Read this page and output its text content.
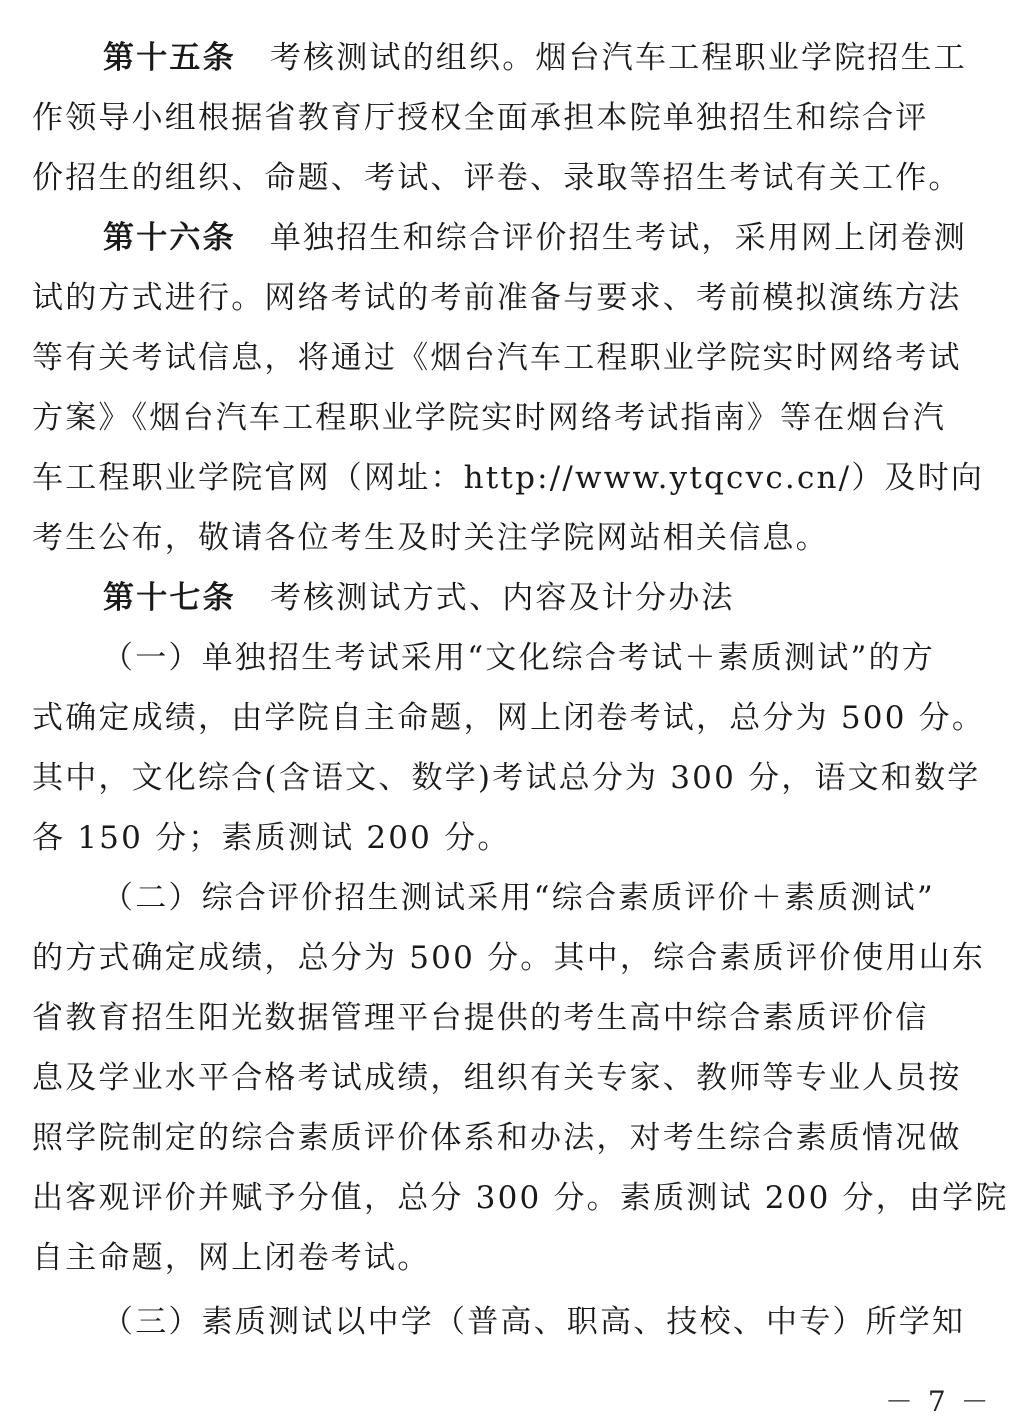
第十五条 考核测试的组织。烟台汽车工程职业学院招生工
作领导小组根据省教育厅授权全面承担本院单独招生和综合评
价招生的组织、命题、考试、评卷、录取等招生考试有关工作。
第十六条 单独招生和综合评价招生考试，采用网上闭卷测
试的方式进行。网络考试的考前准备与要求、考前模拟演练方法
等有关考试信息，将通过《烟台汽车工程职业学院实时网络考试
方案》《烟台汽车工程职业学院实时网络考试指南》等在烟台汽
车工程职业学院官网（网址：http://www.ytqcvc.cn/）及时向
考生公布，敬请各位考生及时关注学院网站相关信息。
第十七条 考核测试方式、内容及计分办法
（一）单独招生考试采用“文化综合考试＋素质测试”的方
式确定成绩，由学院自主命题，网上闭卷考试，总分为 500 分。
其中，文化综合(含语文、数学)考试总分为 300 分，语文和数学
各 150 分；素质测试 200 分。
（二）综合评价招生测试采用“综合素质评价＋素质测试”
的方式确定成绩，总分为 500 分。其中，综合素质评价使用山东
省教育招生阳光数据管理平台提供的考生高中综合素质评价信
息及学业水平合格考试成绩，组织有关专家、教师等专业人员按
照学院制定的综合素质评价体系和办法，对考生综合素质情况做
出客观评价并赋予分值，总分 300 分。素质测试 200 分，由学院
自主命题，网上闭卷考试。
（三）素质测试以中学（普高、职高、技校、中专）所学知
－ 7 －
